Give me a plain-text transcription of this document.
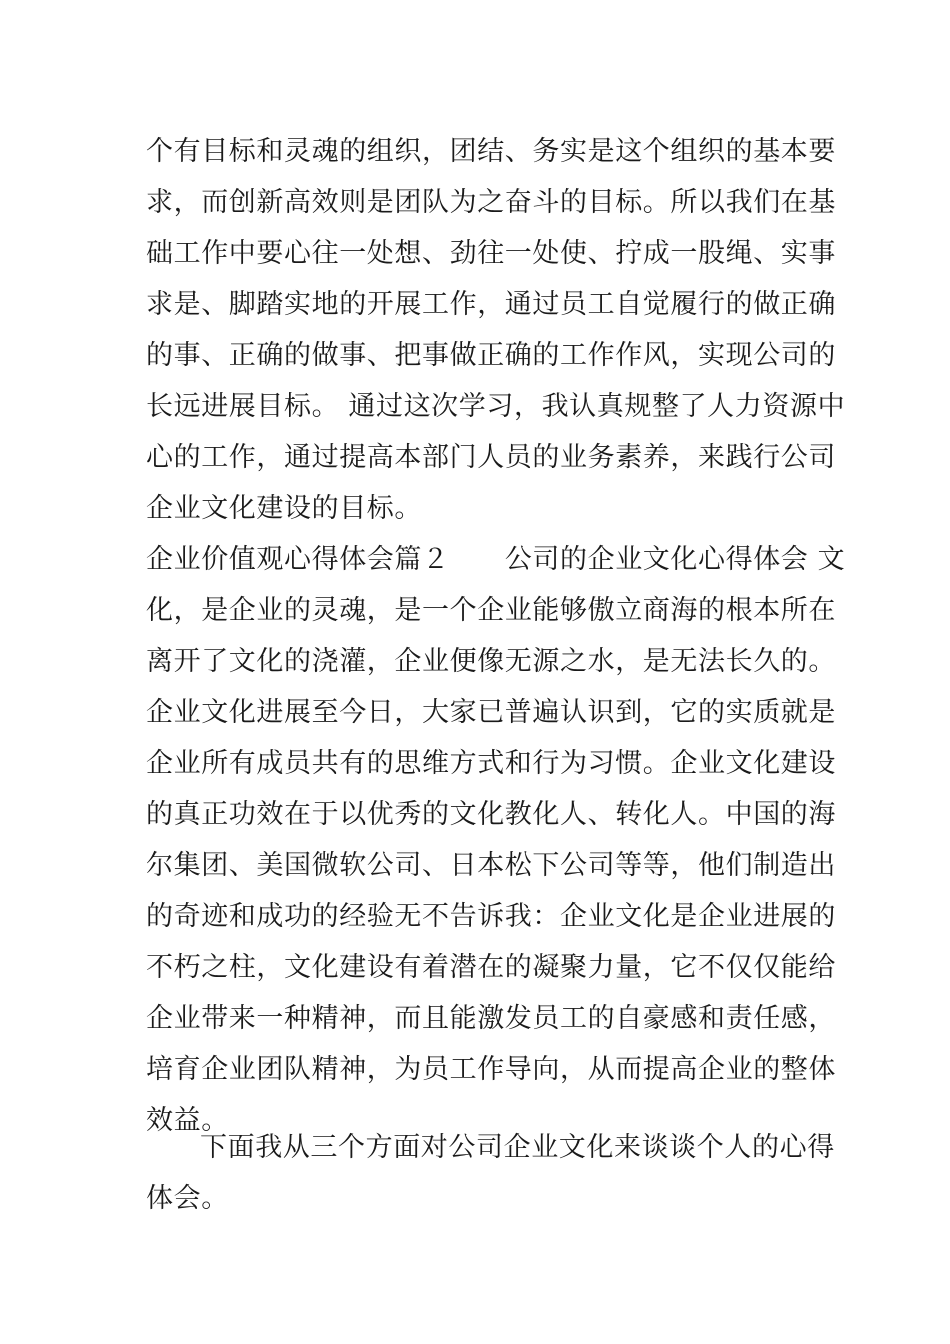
个有目标和灵魂的组织，团结、务实是这个组织的基本要
求，而创新高效则是团队为之奋斗的目标。所以我们在基
础工作中要心往一处想、劲往一处使、拧成一股绳、实事
求是、脚踏实地的开展工作，通过员工自觉履行的做正确
的事、正确的做事、把事做正确的工作作风，实现公司的
长远进展目标。 通过这次学习，我认真规整了人力资源中
心的工作，通过提高本部门人员的业务素养，来践行公司
企业文化建设的目标。
企业价值观心得体会篇２　　公司的企业文化心得体会 文
化，是企业的灵魂，是一个企业能够傲立商海的根本所在
离开了文化的浇灌，企业便像无源之水，是无法长久的。
企业文化进展至今日，大家已普遍认识到，它的实质就是
企业所有成员共有的思维方式和行为习惯。企业文化建设
的真正功效在于以优秀的文化教化人、转化人。中国的海
尔集团、美国微软公司、日本松下公司等等，他们制造出
的奇迹和成功的经验无不告诉我：企业文化是企业进展的
不朽之柱，文化建设有着潜在的凝聚力量，它不仅仅能给
企业带来一种精神，而且能激发员工的自豪感和责任感，
培育企业团队精神，为员工作导向，从而提高企业的整体
效益。
下面我从三个方面对公司企业文化来谈谈个人的心得
体会。
